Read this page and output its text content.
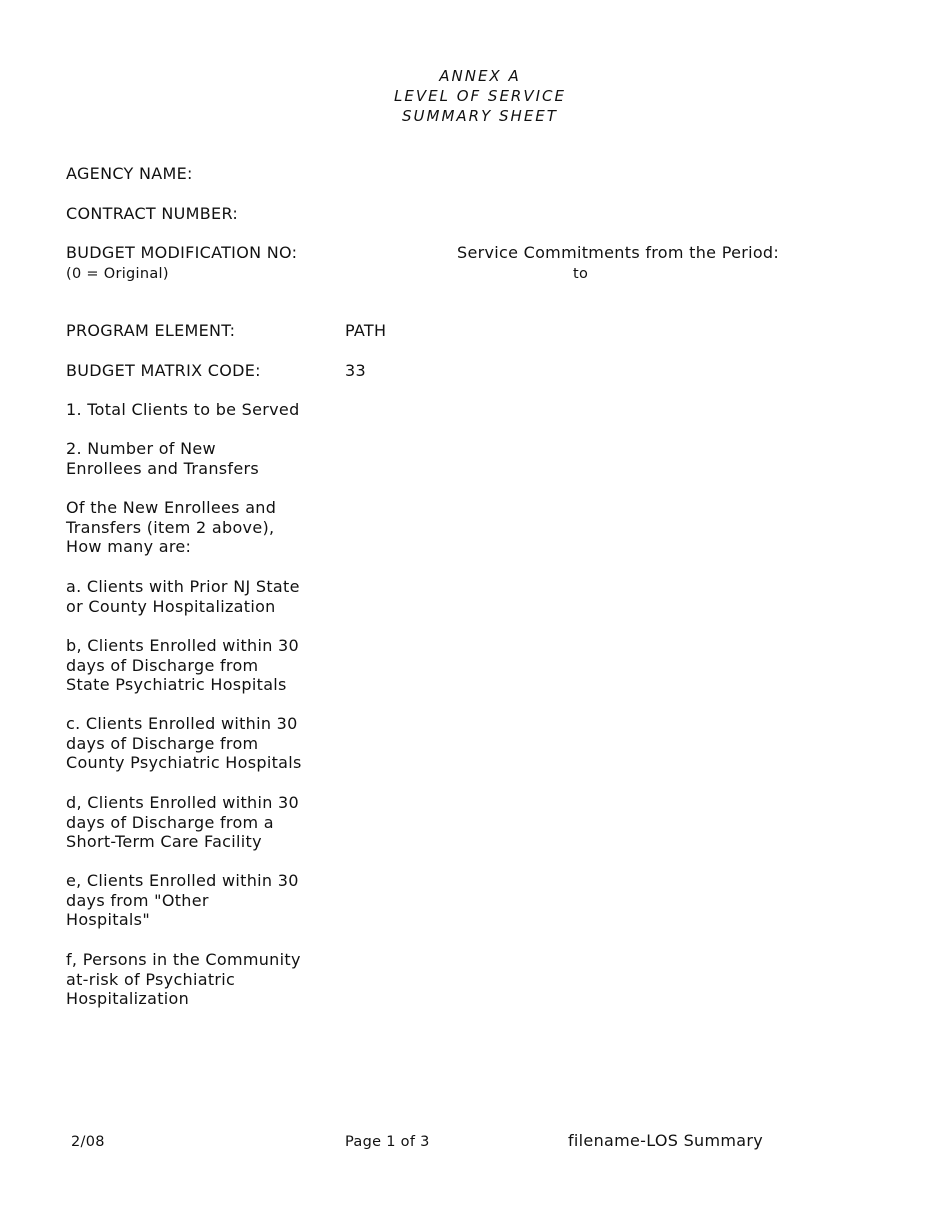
ANNEX A
LEVEL OF SERVICE
SUMMARY SHEET
AGENCY NAME:
CONTRACT NUMBER:
BUDGET MODIFICATION NO:
(0 = Original)
Service Commitments from the Period:
to
PROGRAM ELEMENT:	PATH
BUDGET MATRIX CODE:	33
1. Total Clients to be Served
2. Number of New
Enrollees and Transfers
Of the New Enrollees and
Transfers (item 2 above),
How many are:
a. Clients with Prior NJ State
or County Hospitalization
b, Clients Enrolled within 30
days of Discharge from
State Psychiatric Hospitals
c. Clients Enrolled within 30
days of Discharge from
County Psychiatric Hospitals
d, Clients Enrolled within 30
days of Discharge from a
Short-Term Care Facility
e, Clients Enrolled within 30
days from "Other
Hospitals"
f, Persons in the Community
at-risk of Psychiatric
Hospitalization
2/08	Page 1 of 3	filename-LOS Summary
